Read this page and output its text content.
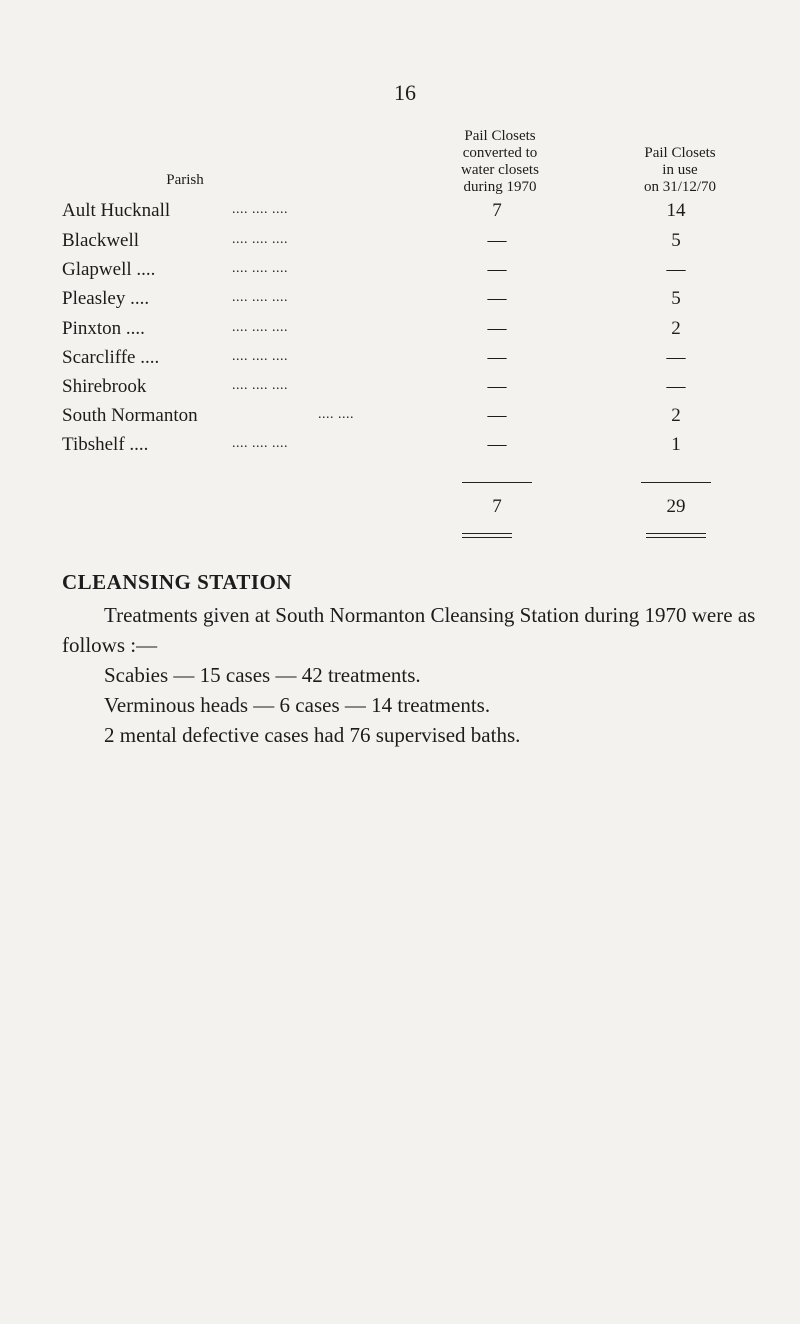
16
Parish
Pail Closets
converted to
water closets
during 1970
Pail Closets
in use
on 31/12/70
Ault Hucknall	.... .... ....	7	14
Blackwell	.... .... ....	—	5
Glapwell ....	.... .... ....	—	—
Pleasley ....	.... .... ....	—	5
Pinxton ....	.... .... ....	—	2
Scarcliffe ....	.... .... ....	—	—
Shirebrook	.... .... ....	—	—
South Normanton	.... ....	—	2
Tibshelf ....	.... .... ....	—	1
7	29
CLEANSING STATION
Treatments given at South Normanton Cleansing Station during 1970 were as follows :—
Scabies — 15 cases — 42 treatments.
Verminous heads — 6 cases — 14 treatments.
2 mental defective cases had 76 supervised baths.
